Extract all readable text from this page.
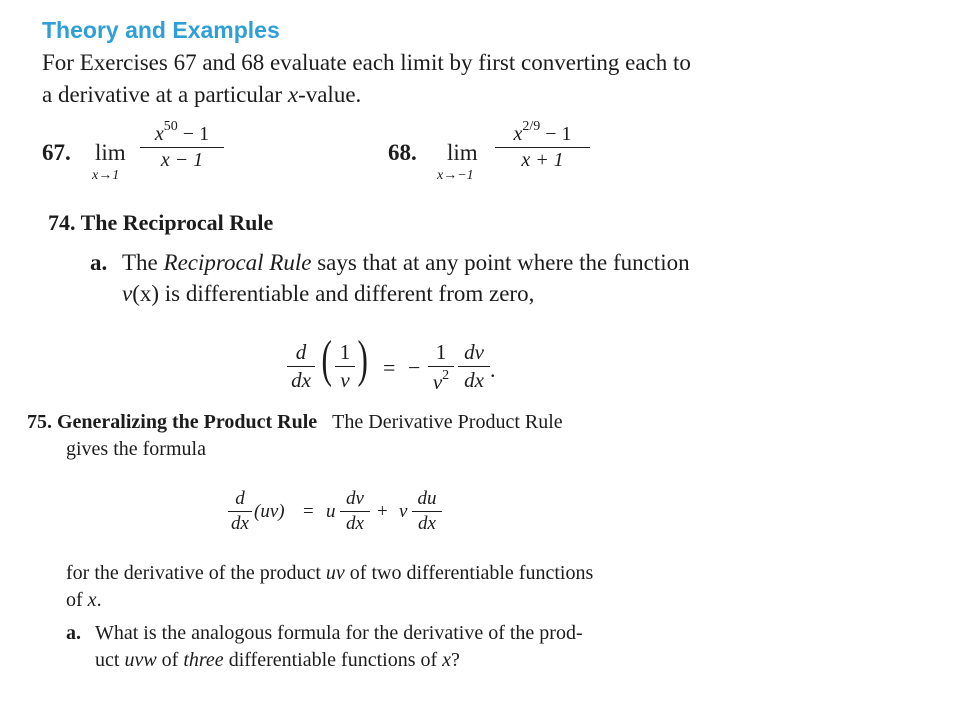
Theory and Examples
For Exercises 67 and 68 evaluate each limit by first converting each to
a derivative at a particular x-value.
67. lim
x→1
$x^{50} - 1$
x − 1	68. lim
x→−1
$x^{2/9} - 1$
x + 1
74. The Reciprocal Rule
a. The Reciprocal Rule says that at any point where the function
v(x) is differentiable and different from zero,
d
dx ( 1
v ) = −
1
$v^2$
dv
dx .
75. Generalizing the Product Rule The Derivative Product Rule
gives the formula
d
dx
(uv) = u
dv
dx
+ v
du
dx
for the derivative of the product uv of two differentiable functions
of x.
a. What is the analogous formula for the derivative of the prod-
uct uvw of three differentiable functions of x?
